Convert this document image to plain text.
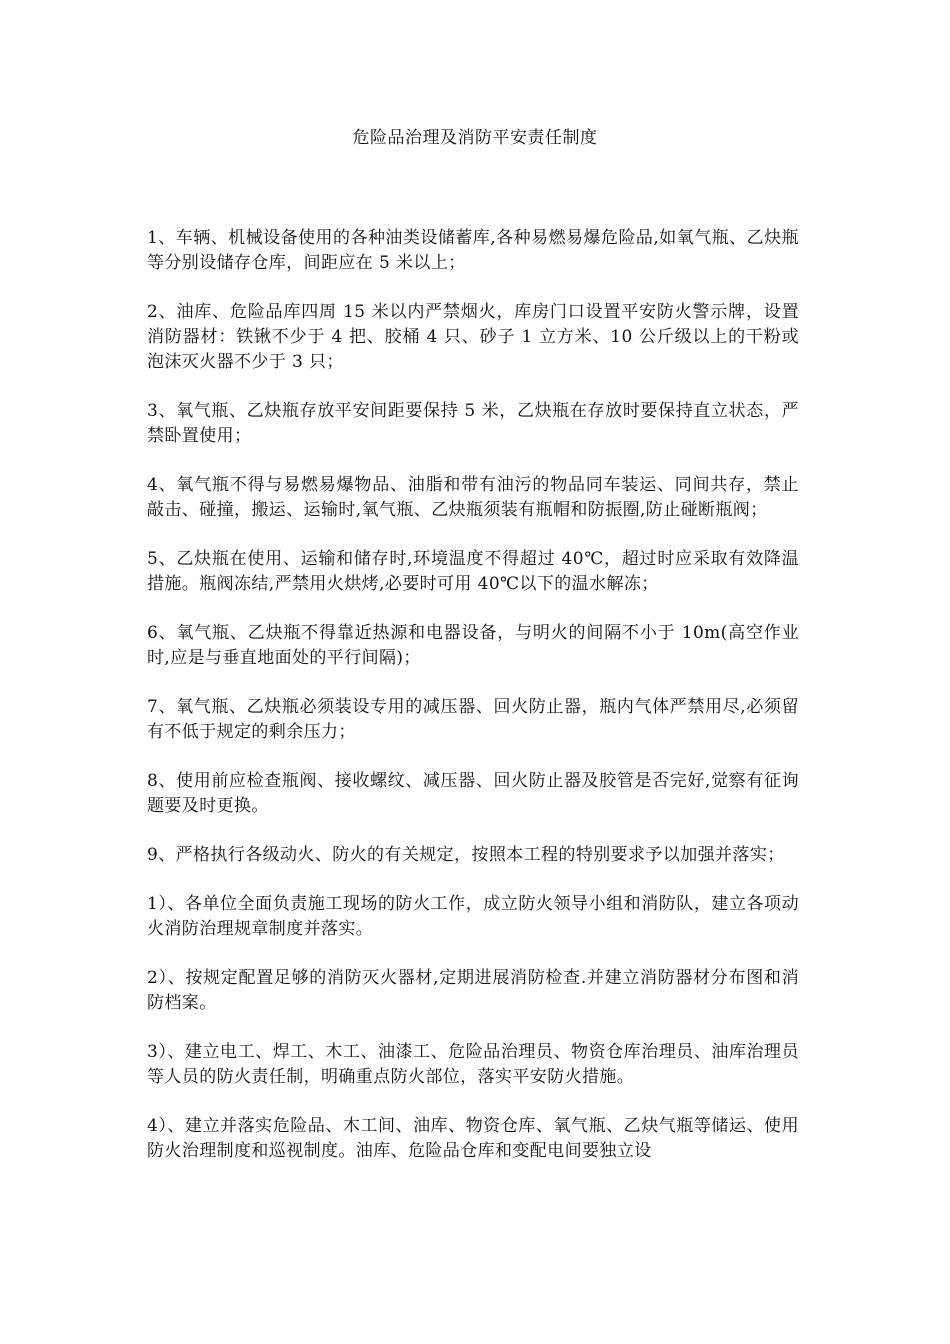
危险品治理及消防平安责任制度

1、车辆、机械设备使用的各种油类设储蓄库,各种易燃易爆危险品,如氧气瓶、乙炔瓶等分别设储存仓库，间距应在 5 米以上；

2、油库、危险品库四周 15 米以内严禁烟火，库房门口设置平安防火警示牌，设置消防器材：铁锹不少于 4 把、胶桶 4 只、砂子 1 立方米、10 公斤级以上的干粉或泡沫灭火器不少于 3 只；

3、氧气瓶、乙炔瓶存放平安间距要保持 5 米，乙炔瓶在存放时要保持直立状态，严禁卧置使用；

4、氧气瓶不得与易燃易爆物品、油脂和带有油污的物品同车装运、同间共存，禁止敲击、碰撞，搬运、运输时,氧气瓶、乙炔瓶须装有瓶帽和防振圈,防止碰断瓶阀；

5、乙炔瓶在使用、运输和储存时,环境温度不得超过 40℃，超过时应采取有效降温措施。瓶阀冻结,严禁用火烘烤,必要时可用 40℃以下的温水解冻；

6、氧气瓶、乙炔瓶不得靠近热源和电器设备，与明火的间隔不小于 10m(高空作业时,应是与垂直地面处的平行间隔)；

7、氧气瓶、乙炔瓶必须装设专用的减压器、回火防止器，瓶内气体严禁用尽,必须留有不低于规定的剩余压力；

8、使用前应检查瓶阀、接收螺纹、减压器、回火防止器及胶管是否完好,觉察有征询题要及时更换。

9、严格执行各级动火、防火的有关规定，按照本工程的特别要求予以加强并落实；

1）、各单位全面负责施工现场的防火工作，成立防火领导小组和消防队，建立各项动火消防治理规章制度并落实。

2）、按规定配置足够的消防灭火器材,定期进展消防检查.并建立消防器材分布图和消防档案。

3）、建立电工、焊工、木工、油漆工、危险品治理员、物资仓库治理员、油库治理员等人员的防火责任制，明确重点防火部位，落实平安防火措施。

4）、建立并落实危险品、木工间、油库、物资仓库、氧气瓶、乙炔气瓶等储运、使用防火治理制度和巡视制度。油库、危险品仓库和变配电间要独立设
